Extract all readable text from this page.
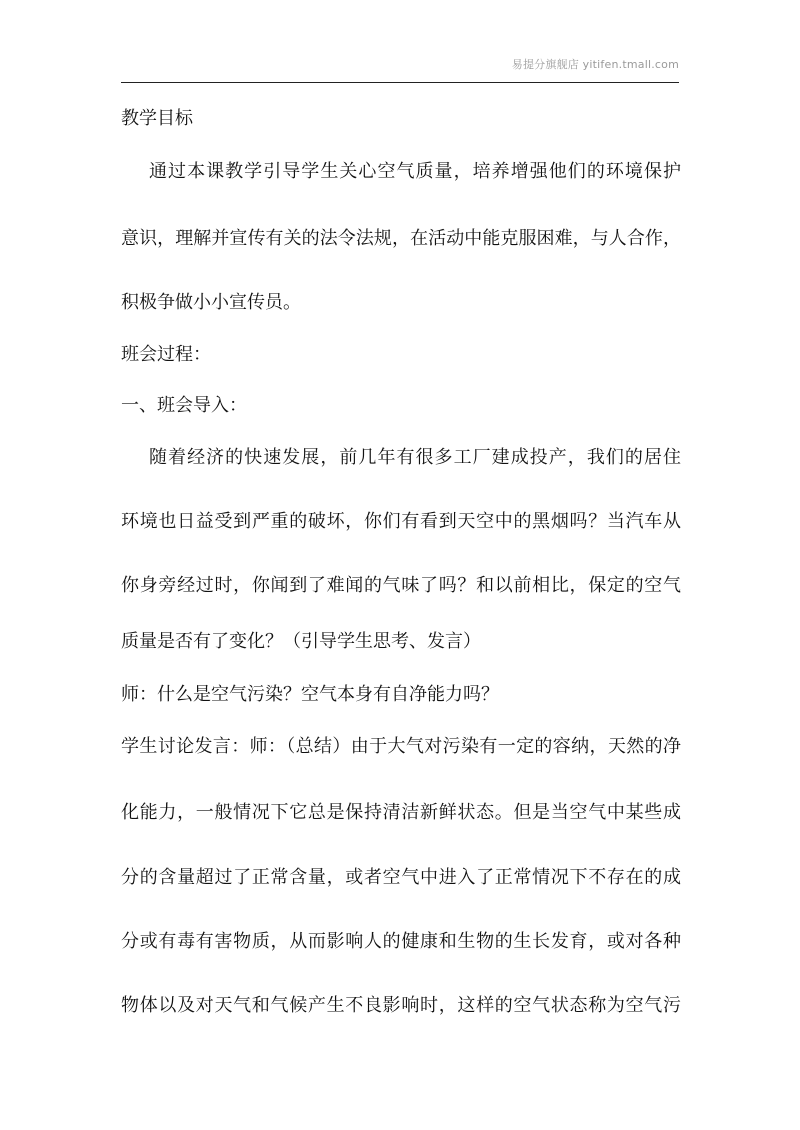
易提分旗舰店 yitifen.tmall.com
教学目标
通过本课教学引导学生关心空气质量，培养增强他们的环境保护
意识，理解并宣传有关的法令法规，在活动中能克服困难，与人合作，
积极争做小小宣传员。
班会过程：
一、班会导入：
随着经济的快速发展，前几年有很多工厂建成投产，我们的居住
环境也日益受到严重的破坏，你们有看到天空中的黑烟吗？当汽车从
你身旁经过时，你闻到了难闻的气味了吗？和以前相比，保定的空气
质量是否有了变化？（引导学生思考、发言）
师：什么是空气污染？空气本身有自净能力吗？
学生讨论发言：师：（总结）由于大气对污染有一定的容纳，天然的净
化能力，一般情况下它总是保持清洁新鲜状态。但是当空气中某些成
分的含量超过了正常含量，或者空气中进入了正常情况下不存在的成
分或有毒有害物质，从而影响人的健康和生物的生长发育，或对各种
物体以及对天气和气候产生不良影响时，这样的空气状态称为空气污
